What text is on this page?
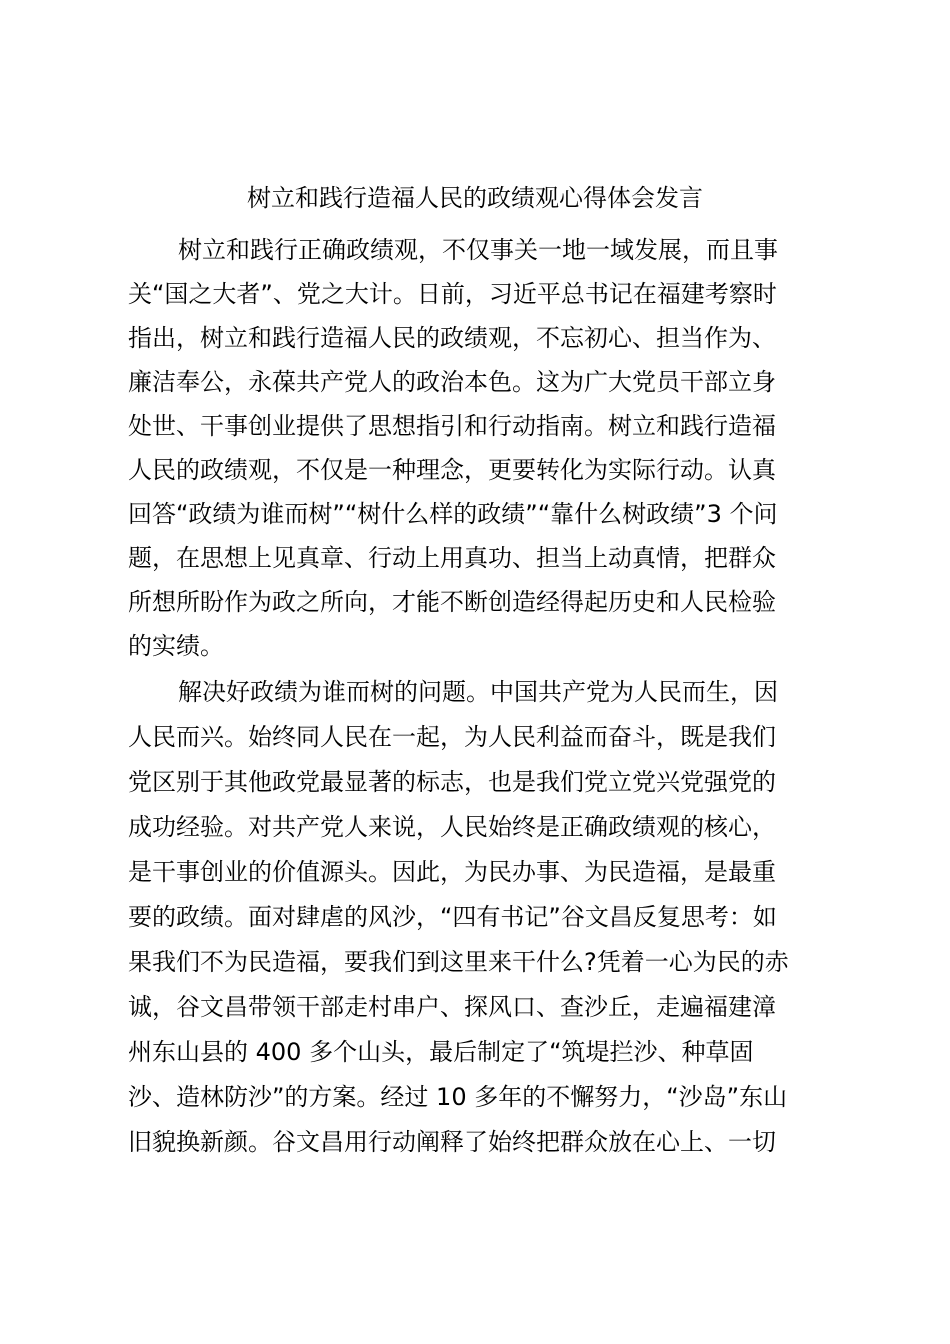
树立和践行造福人民的政绩观心得体会发言
树立和践行正确政绩观，不仅事关一地一域发展，而且事
关“国之大者”、党之大计。日前，习近平总书记在福建考察时
指出，树立和践行造福人民的政绩观，不忘初心、担当作为、
廉洁奉公，永葆共产党人的政治本色。这为广大党员干部立身
处世、干事创业提供了思想指引和行动指南。树立和践行造福
人民的政绩观，不仅是一种理念，更要转化为实际行动。认真
回答“政绩为谁而树”“树什么样的政绩”“靠什么树政绩”3 个问
题，在思想上见真章、行动上用真功、担当上动真情，把群众
所想所盼作为政之所向，才能不断创造经得起历史和人民检验
的实绩。
解决好政绩为谁而树的问题。中国共产党为人民而生，因
人民而兴。始终同人民在一起，为人民利益而奋斗，既是我们
党区别于其他政党最显著的标志，也是我们党立党兴党强党的
成功经验。对共产党人来说，人民始终是正确政绩观的核心，
是干事创业的价值源头。因此，为民办事、为民造福，是最重
要的政绩。面对肆虐的风沙，“四有书记”谷文昌反复思考：如
果我们不为民造福，要我们到这里来干什么?凭着一心为民的赤
诚，谷文昌带领干部走村串户、探风口、查沙丘，走遍福建漳
州东山县的 400 多个山头，最后制定了“筑堤拦沙、种草固
沙、造林防沙”的方案。经过 10 多年的不懈努力，“沙岛”东山
旧貌换新颜。谷文昌用行动阐释了始终把群众放在心上、一切
